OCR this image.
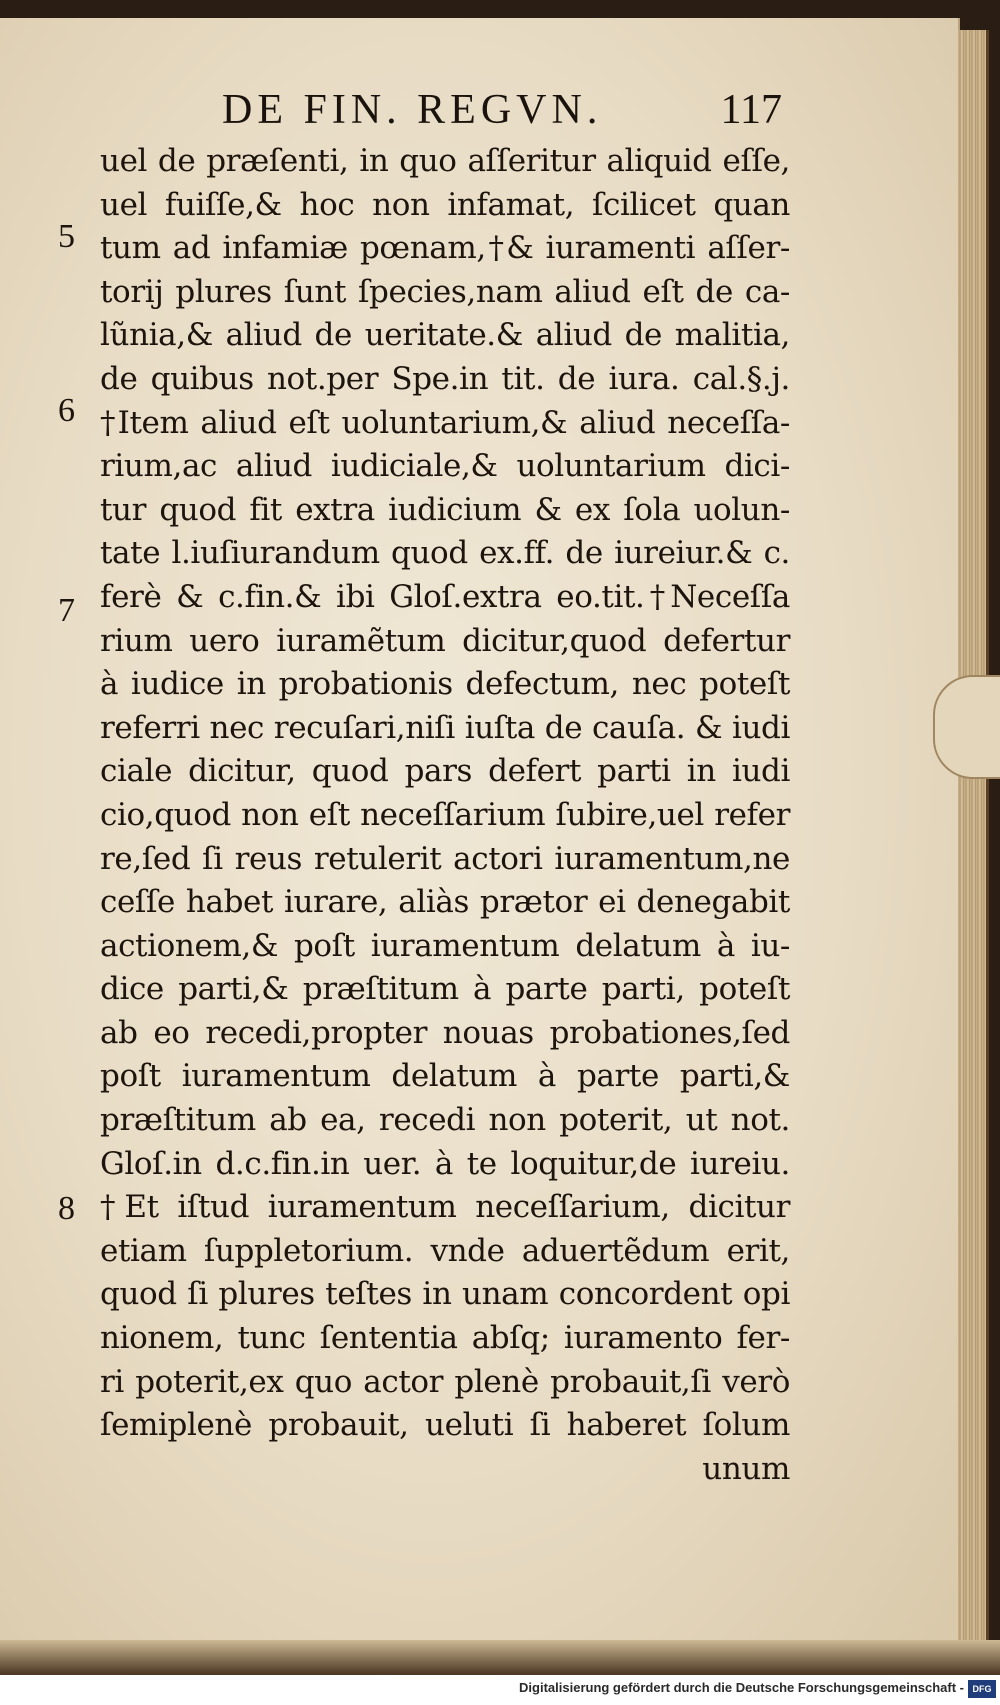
DE FIN. REGVN.	117
5
6
7
8
uel de præſenti, in quo aſſeritur aliquid eſſe,
uel fuiſſe,& hoc non infamat, ſcilicet quan
tum ad infamiæ pœnam,†& iuramenti aſſer-
torij plures ſunt ſpecies,nam aliud eſt de ca-
lũnia,& aliud de ueritate.& aliud de malitia,
de quibus not.per Spe.in tit. de iura. cal.§.j.
†Item aliud eſt uoluntarium,& aliud neceſſa-
rium,ac aliud iudiciale,& uoluntarium dici-
tur quod fit extra iudicium & ex ſola uolun-
tate l.iuſiurandum quod ex.ff. de iureiur.& c.
ferè & c.fin.& ibi Gloſ.extra eo.tit.†Neceſſa
rium uero iuramẽtum dicitur,quod defertur
à iudice in probationis defectum, nec poteſt
referri nec recuſari,niſi iuſta de cauſa. & iudi
ciale dicitur, quod pars defert parti in iudi
cio,quod non eſt neceſſarium ſubire,uel refer
re,ſed ſi reus retulerit actori iuramentum,ne
ceſſe habet iurare, aliàs prætor ei denegabit
actionem,& poſt iuramentum delatum à iu-
dice parti,& præſtitum à parte parti, poteſt
ab eo recedi,propter nouas probationes,ſed
poſt iuramentum delatum à parte parti,&
præſtitum ab ea, recedi non poterit, ut not.
Gloſ.in d.c.fin.in uer. à te loquitur,de iureiu.
†Et iſtud iuramentum neceſſarium, dicitur
etiam ſuppletorium. vnde aduertẽdum erit,
quod ſi plures teſtes in unam concordent opi
nionem, tunc ſententia abſq; iuramento fer-
ri poterit,ex quo actor plenè probauit,ſi verò
ſemiplenè probauit, ueluti ſi haberet ſolum
unum
Digitalisierung gefördert durch die Deutsche Forschungsgemeinschaft - DFG
